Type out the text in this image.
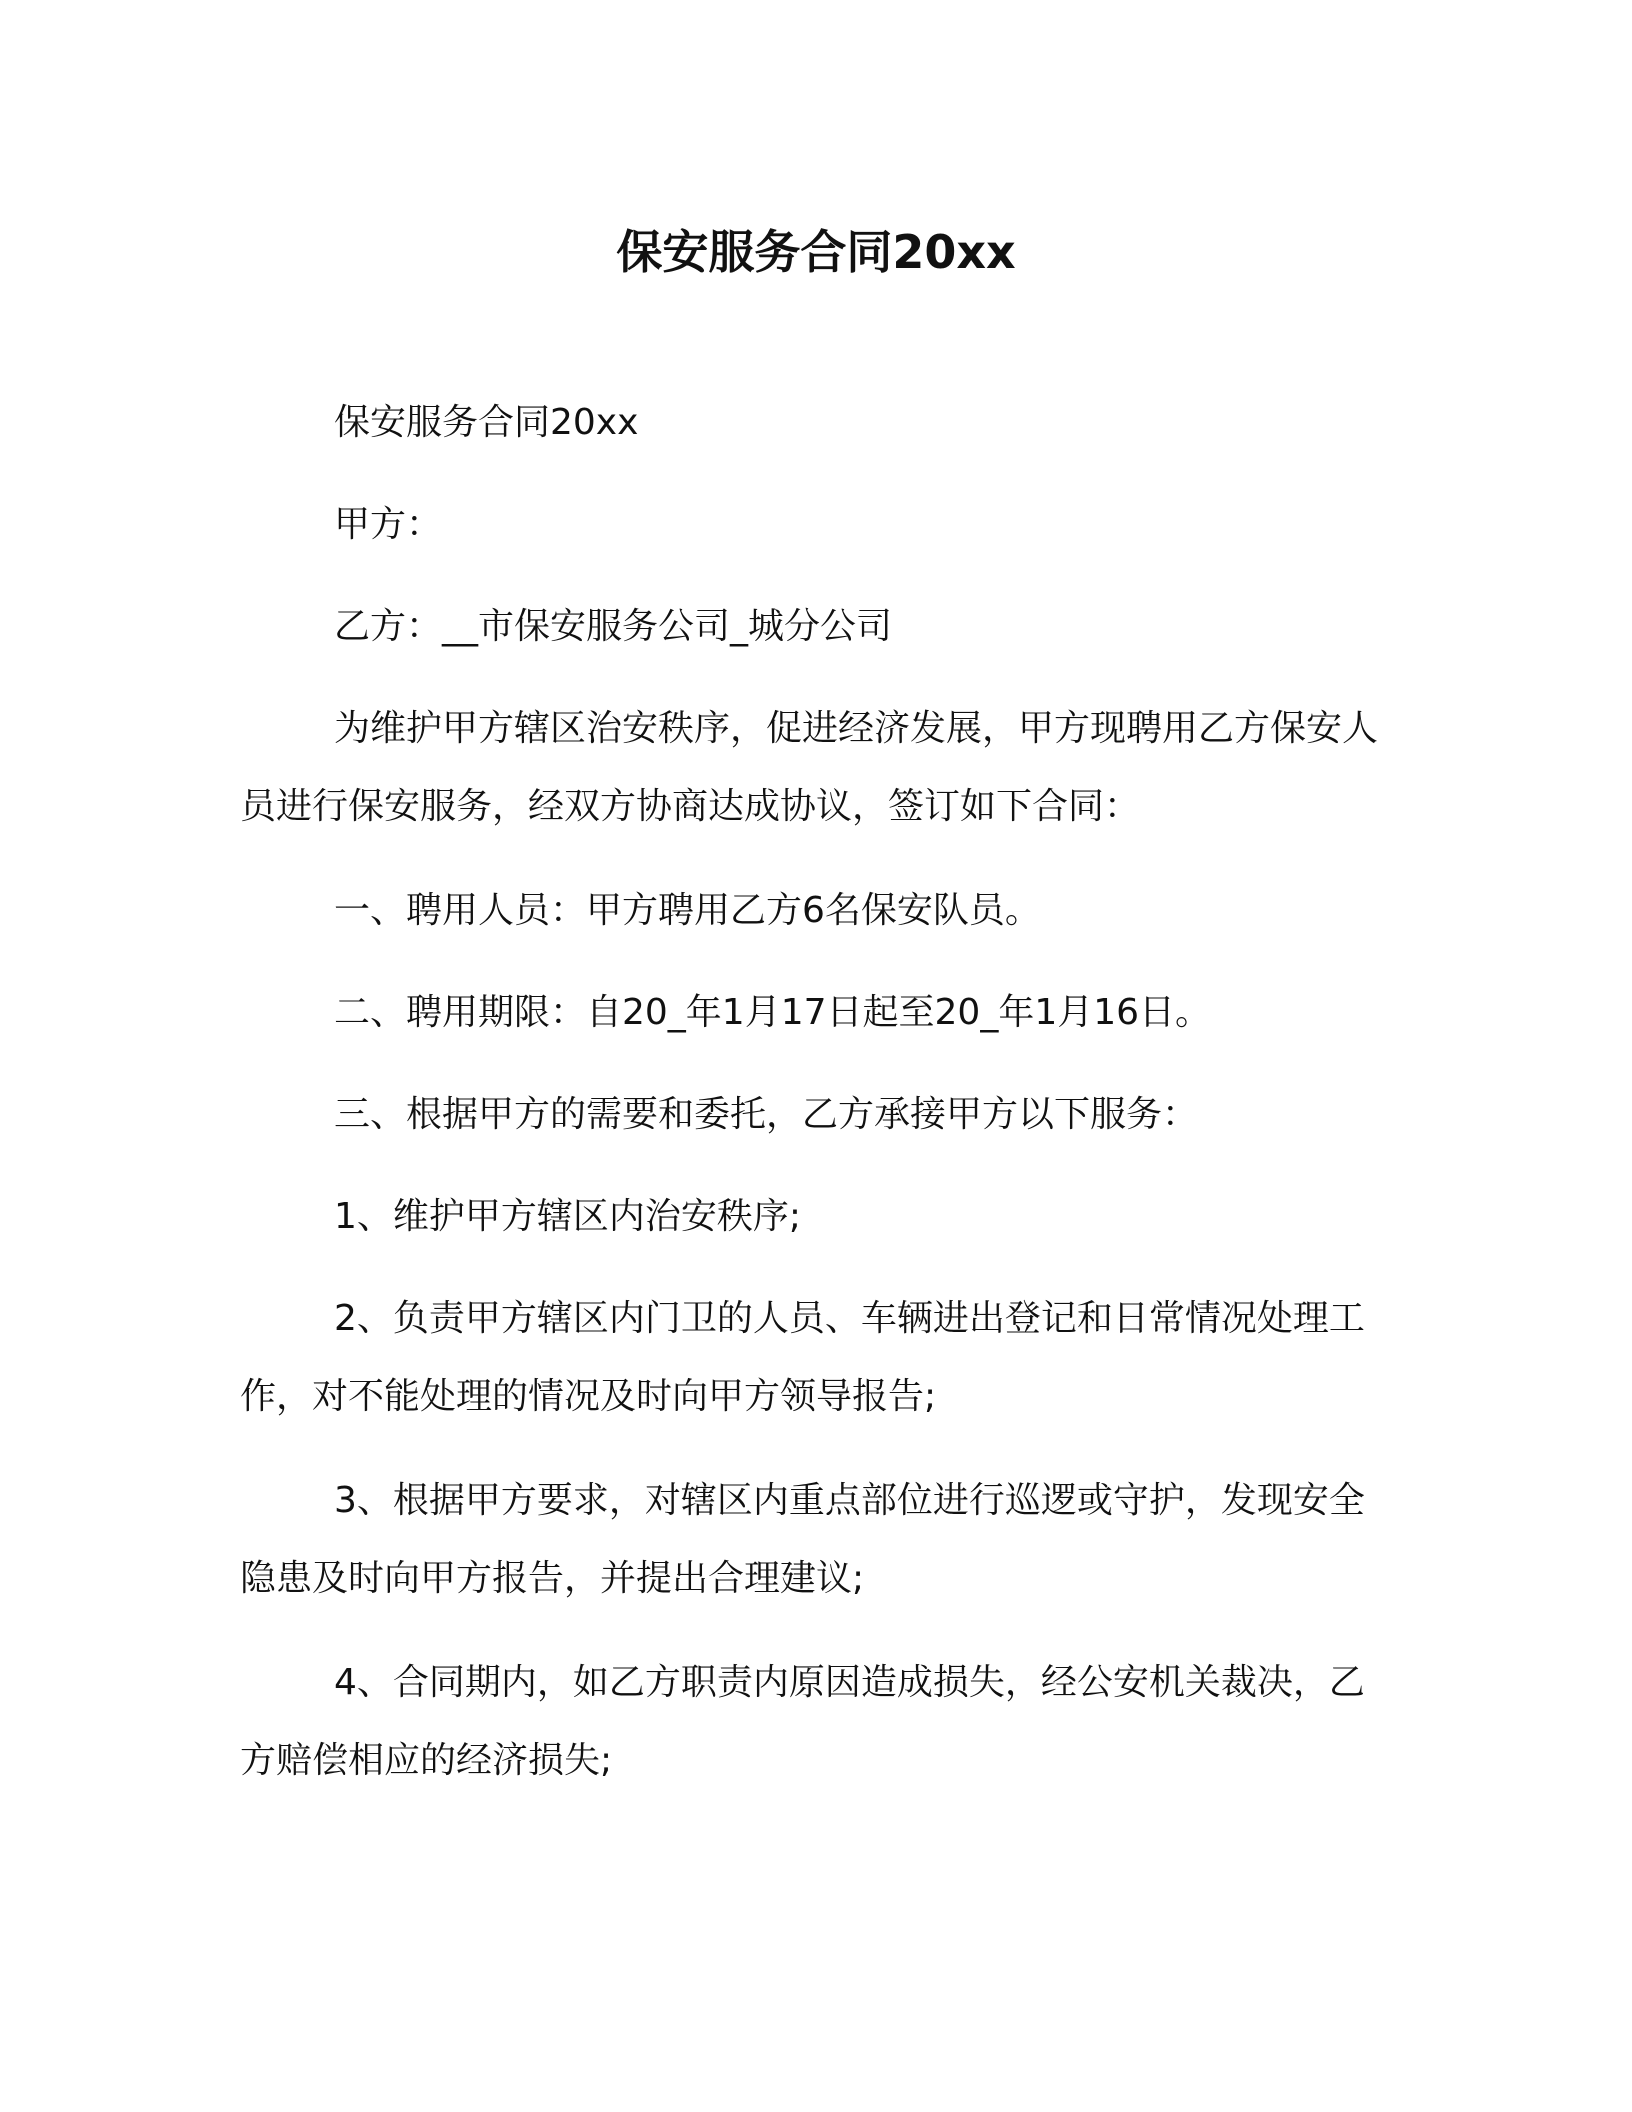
保安服务合同20xx

保安服务合同20xx

甲方：

乙方：__市保安服务公司_城分公司

为维护甲方辖区治安秩序，促进经济发展，甲方现聘用乙方保安人员进行保安服务，经双方协商达成协议，签订如下合同：

一、聘用人员：甲方聘用乙方6名保安队员。

二、聘用期限：自20_年1月17日起至20_年1月16日。

三、根据甲方的需要和委托，乙方承接甲方以下服务：

1、维护甲方辖区内治安秩序;

2、负责甲方辖区内门卫的人员、车辆进出登记和日常情况处理工作，对不能处理的情况及时向甲方领导报告;

3、根据甲方要求，对辖区内重点部位进行巡逻或守护，发现安全隐患及时向甲方报告，并提出合理建议;

4、合同期内，如乙方职责内原因造成损失，经公安机关裁决，乙方赔偿相应的经济损失;
